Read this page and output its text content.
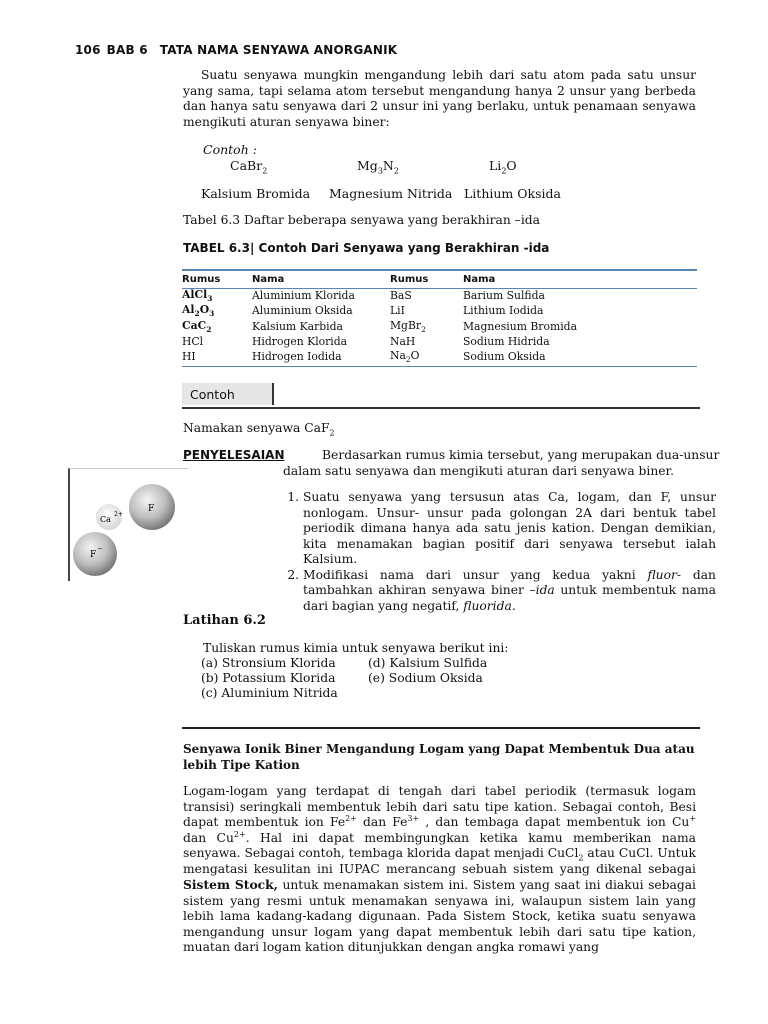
106 BAB 6 TATA NAMA SENYAWA ANORGANIK

Suatu senyawa mungkin mengandung lebih dari satu atom pada satu unsur yang sama, tapi selama atom tersebut mengandung hanya 2 unsur yang berbeda dan hanya satu senyawa dari 2 unsur ini yang berlaku, untuk penamaan senyawa mengikuti aturan senyawa biner:

Contoh :
CaBr$_2$	$Mg_3N_2$	$Li_2O$
Kalsium Bromida Magnesium Nitrida Lithium Oksida
Tabel 6.3 Daftar beberapa senyawa yang berakhiran –ida
TABEL 6.3| Contoh Dari Senyawa yang Berakhiran -ida
Rumus	Nama	Rumus	Nama
AlCl$_3$	Aluminium Klorida	BaS	Barium Sulfida
$Al_2O_3$	Aluminium Oksida	LiI	Lithium Iodida
CaC$_2$	Kalsium Karbida	MgBr$_2$	Magnesium Bromida
HCl	Hidrogen Klorida	NaH	Sodium Hidrida
HI	Hidrogen Iodida	$Na_2O$	Sodium Oksida
Contoh
Namakan senyawa CaF$_2$
PENYELESAIAN	Berdasarkan rumus kimia tersebut, yang merupakan dua-unsur
dalam satu senyawa dan mengikuti aturan dari senyawa biner.
F
Ca
2+
F
−
1. Suatu senyawa yang tersusun atas Ca, logam, dan F, unsur nonlogam. Unsur- unsur pada golongan 2A dari bentuk tabel periodik dimana hanya ada satu jenis kation. Dengan demikian, kita menamakan bagian positif dari senyawa tersebut ialah Kalsium.
2. Modifikasi nama dari unsur yang kedua yakni fluor- dan tambahkan akhiran senyawa biner –ida untuk membentuk nama dari bagian yang negatif, fluorida.
Latihan 6.2
Tuliskan rumus kimia untuk senyawa berikut ini:
(a) Stronsium Klorida
(b) Potassium Klorida
(c) Aluminium Nitrida
(d) Kalsium Sulfida
(e) Sodium Oksida
Senyawa Ionik Biner Mengandung Logam yang Dapat Membentuk Dua atau lebih Tipe Kation

Logam-logam yang terdapat di tengah dari tabel periodik (termasuk logam transisi) seringkali membentuk lebih dari satu tipe kation. Sebagai contoh, Besi dapat membentuk ion $Fe^{2+}$ dan $Fe^{3+}$ , dan tembaga dapat membentuk ion Cu+ dan $Cu^{2+}$. Hal ini dapat membingungkan ketika kamu memberikan nama senyawa. Sebagai contoh, tembaga klorida dapat menjadi CuCl$_2$ atau CuCl. Untuk mengatasi kesulitan ini IUPAC merancang sebuah sistem yang dikenal sebagai Sistem Stock, untuk menamakan sistem ini. Sistem yang saat ini diakui sebagai sistem yang resmi untuk menamakan senyawa ini, walaupun sistem lain yang lebih lama kadang-kadang digunaan. Pada Sistem Stock, ketika suatu senyawa mengandung unsur logam yang dapat membentuk lebih dari satu tipe kation, muatan dari logam kation ditunjukkan dengan angka romawi yang
